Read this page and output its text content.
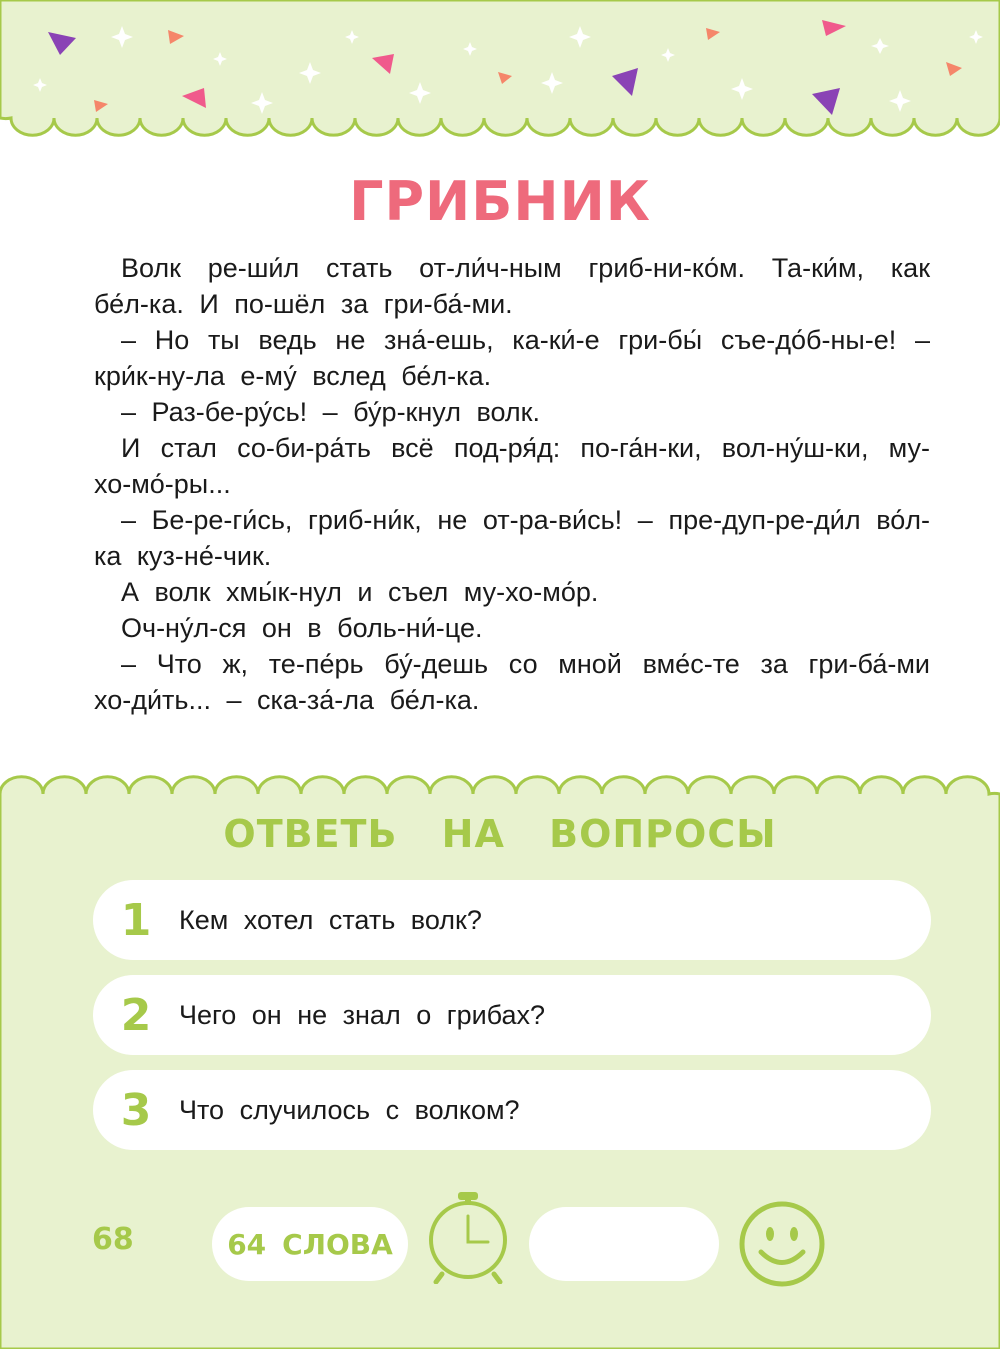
ГРИБНИК

Волк ре-ши́л стать от-ли́ч-ным гриб-ни-ко́м. Та-ки́м, как бе́л-ка. И по-шёл за гри-ба́-ми.

– Но ты ведь не зна́-ешь, ка-ки́-е гри-бы́ съе-до́б-ны-е! – кри́к-ну-ла е-му́ вслед бе́л-ка.

– Раз-бе-ру́сь! – бу́р-кнул волк.

И стал со-би-ра́ть всё под-ря́д: по-га́н-ки, вол-ну́ш-ки, му-хо-мо́-ры...

– Бе-ре-ги́сь, гриб-ни́к, не от-ра-ви́сь! – пре-дуп-ре-ди́л во́л-ка куз-не́-чик.

А волк хмы́к-нул и съел му-хо-мо́р.

Оч-ну́л-ся он в боль-ни́-це.

– Что ж, те-пе́рь бу́-дешь со мной вме́с-те за гри-ба́-ми хо-ди́ть... – ска-за́-ла бе́л-ка.

ОТВЕТЬ НА ВОПРОСЫ
1	Кем хотел стать волк?
2	Чего он не знал о грибах?
3	Что случилось с волком?
68	64 СЛОВА
